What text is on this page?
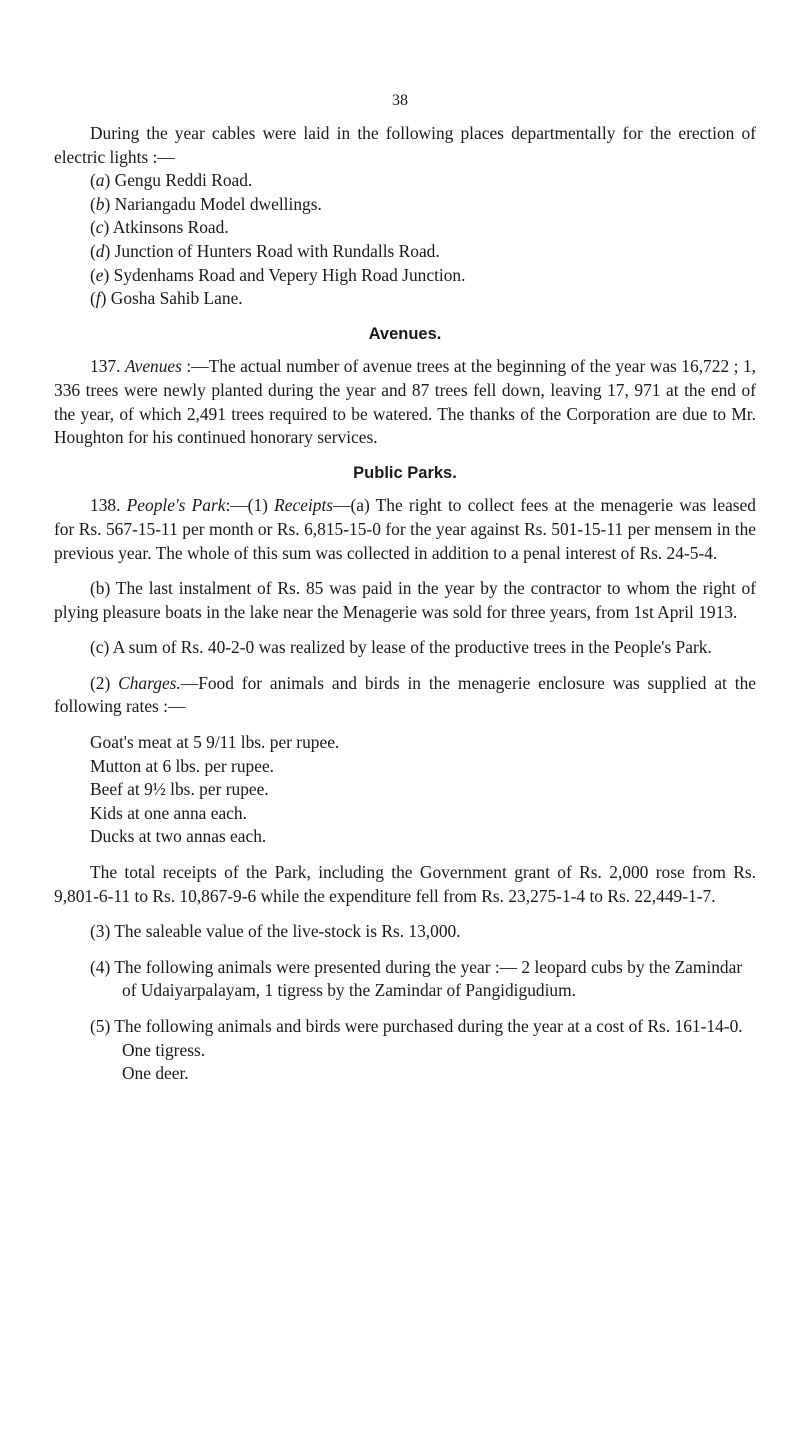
38

During the year cables were laid in the following places departmentally for the erection of electric lights :—

(a) Gengu Reddi Road.

(b) Nariangadu Model dwellings.

(c) Atkinsons Road.

(d) Junction of Hunters Road with Rundalls Road.

(e) Sydenhams Road and Vepery High Road Junction.

(f) Gosha Sahib Lane.

Avenues.

137. Avenues :—The actual number of avenue trees at the beginning of the year was 16,722 ; 1, 336 trees were newly planted during the year and 87 trees fell down, leaving 17, 971 at the end of the year, of which 2,491 trees required to be watered. The thanks of the Corporation are due to Mr. Houghton for his continued honorary services.

Public Parks.

138. People's Park:—(1) Receipts—(a) The right to collect fees at the menagerie was leased for Rs. 567-15-11 per month or Rs. 6,815-15-0 for the year against Rs. 501-15-11 per mensem in the previous year. The whole of this sum was collected in addition to a penal interest of Rs. 24-5-4.

(b) The last instalment of Rs. 85 was paid in the year by the contractor to whom the right of plying pleasure boats in the lake near the Menagerie was sold for three years, from 1st April 1913.

(c) A sum of Rs. 40-2-0 was realized by lease of the productive trees in the People's Park.

(2) Charges.—Food for animals and birds in the menagerie enclosure was supplied at the following rates :—

Goat's meat at 5 9/11 lbs. per rupee.

Mutton at 6 lbs. per rupee.

Beef at 9½ lbs. per rupee.

Kids at one anna each.

Ducks at two annas each.

The total receipts of the Park, including the Government grant of Rs. 2,000 rose from Rs. 9,801-6-11 to Rs. 10,867-9-6 while the expenditure fell from Rs. 23,275-1-4 to Rs. 22,449-1-7.

(3) The saleable value of the live-stock is Rs. 13,000.

(4) The following animals were presented during the year :— 2 leopard cubs by the Zamindar of Udaiyarpalayam, 1 tigress by the Zamindar of Pangidigudium.

(5) The following animals and birds were purchased during the year at a cost of Rs. 161-14-0.

One tigress.

One deer.
